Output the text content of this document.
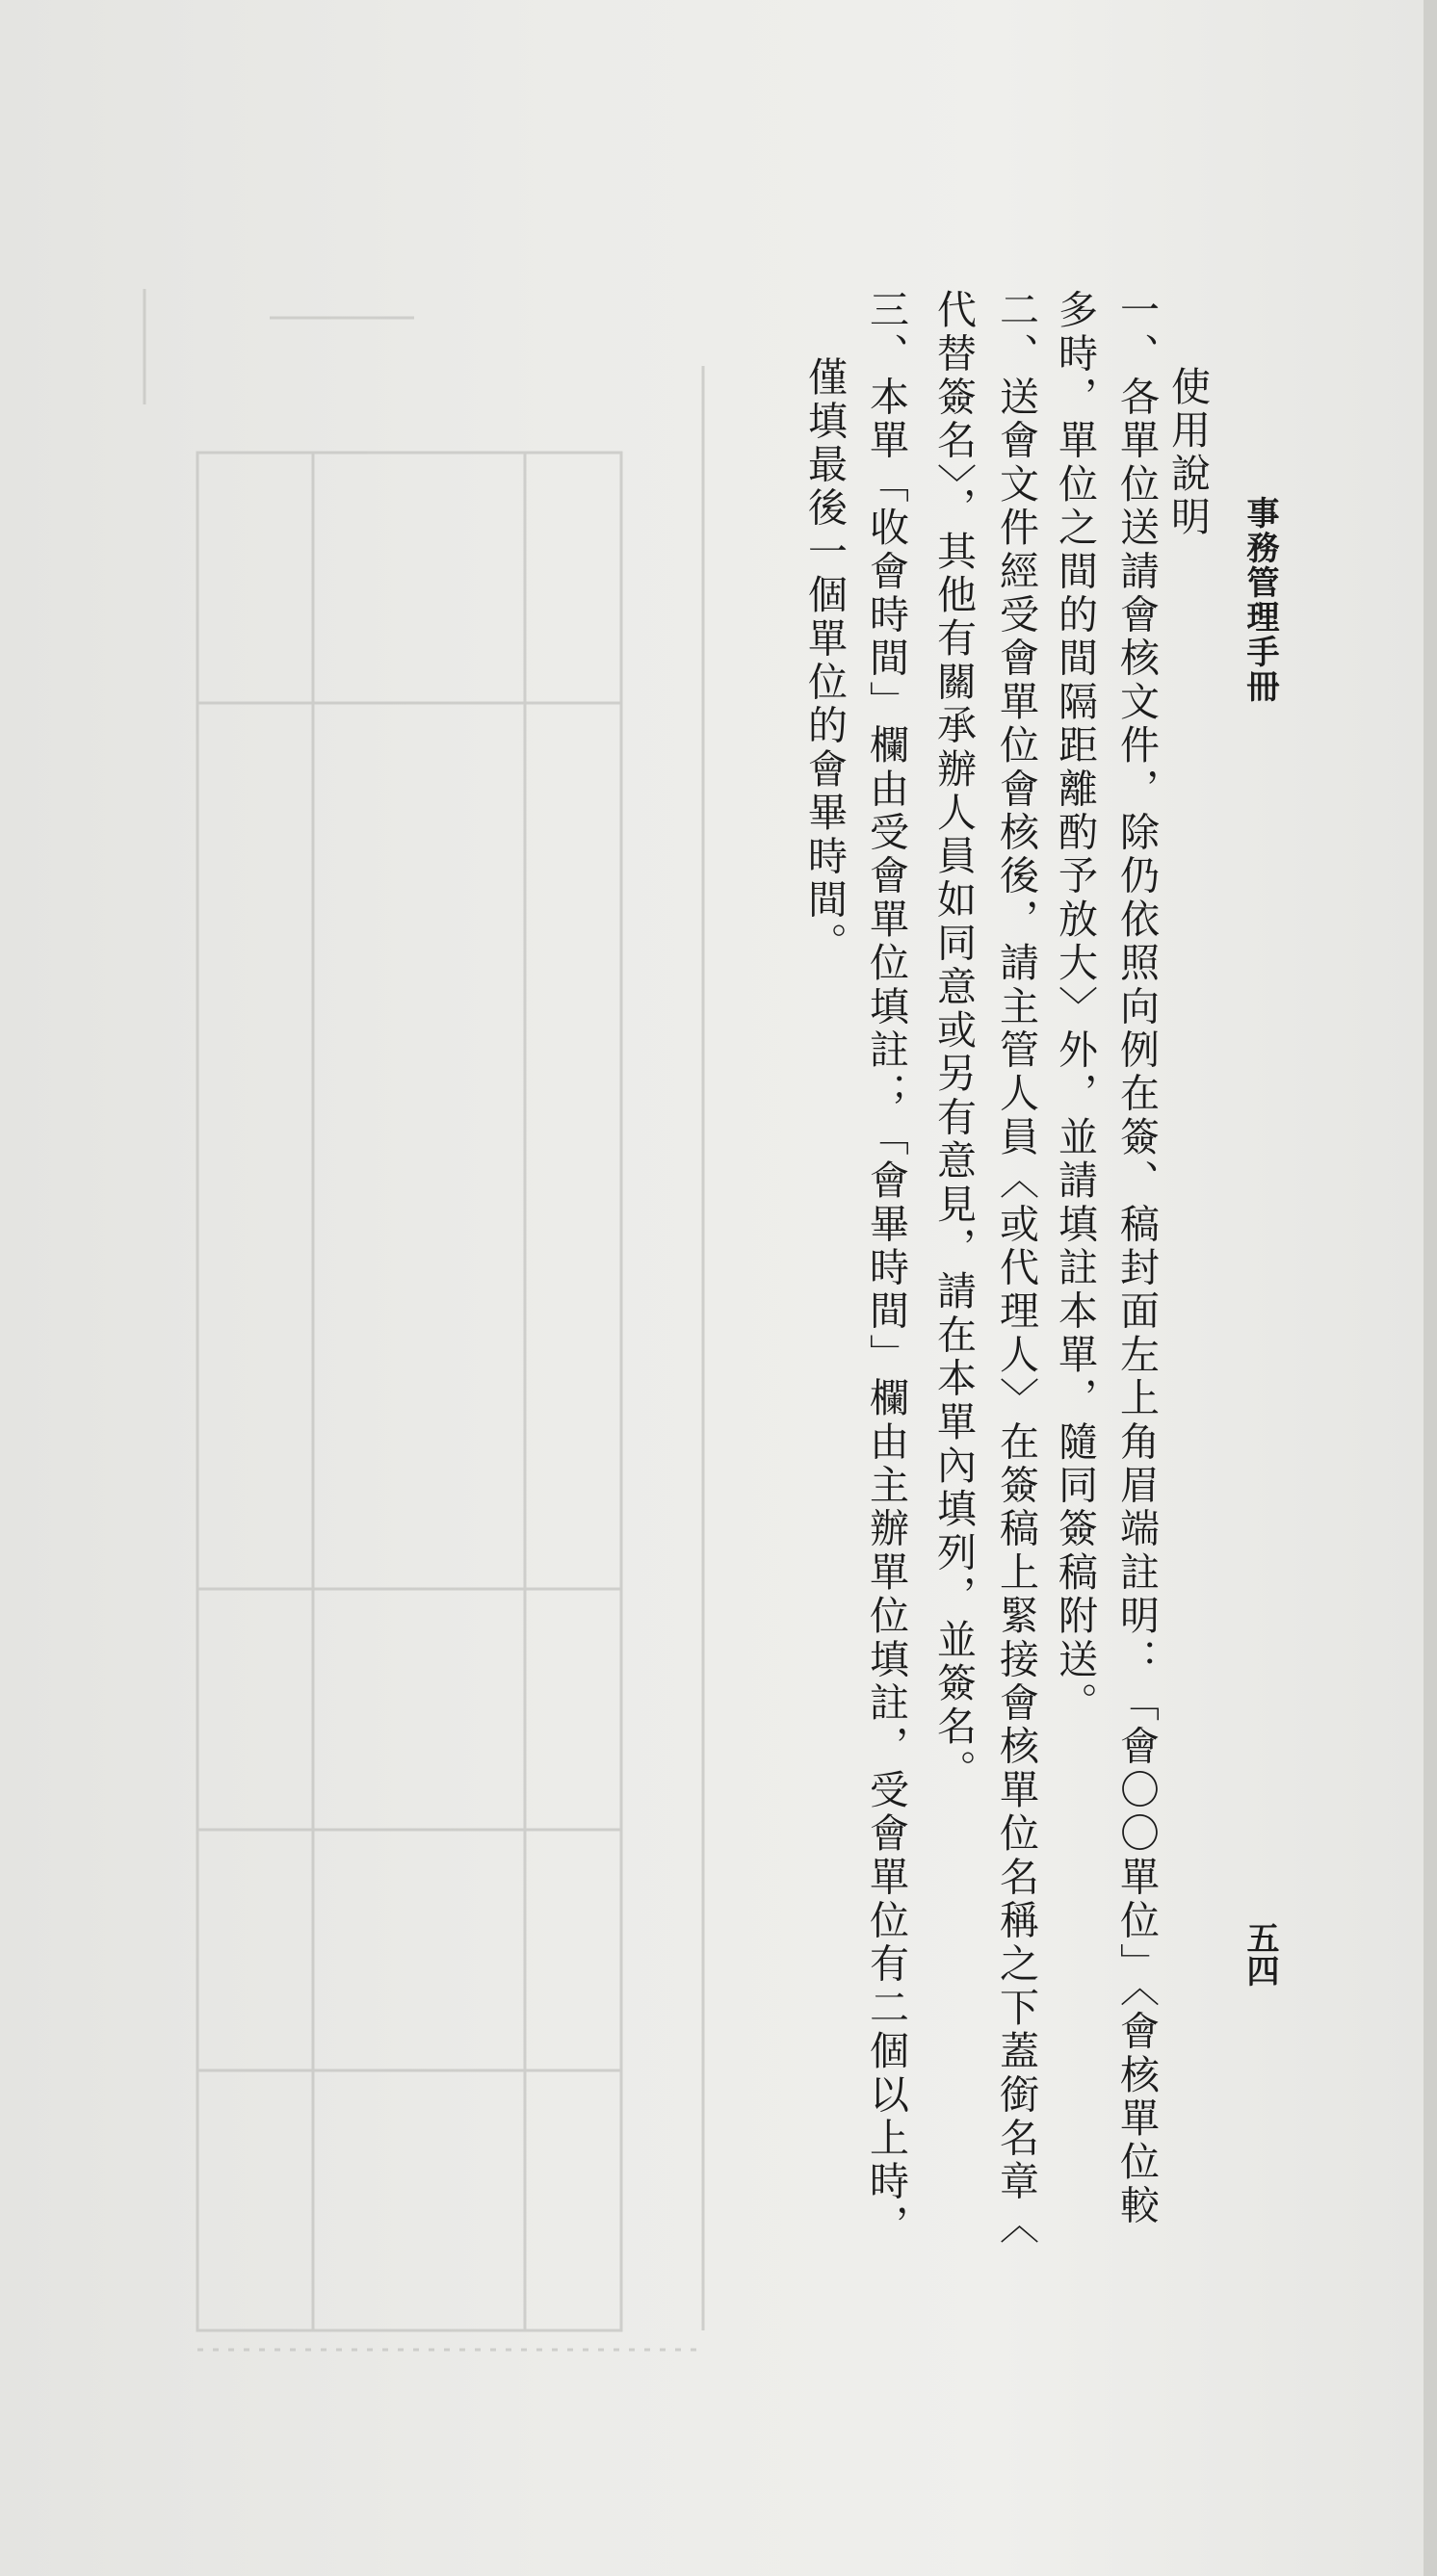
事務管理手冊
五四
使用說明
一、各單位送請會核文件，除仍依照向例在簽、稿封面左上角眉端註明：「會〇〇單位」〈會核單位較
多時，單位之間的間隔距離酌予放大〉外，並請填註本單，隨同簽稿附送。
二、送會文件經受會單位會核後，請主管人員〈或代理人〉在簽稿上緊接會核單位名稱之下蓋銜名章〈
代替簽名〉，其他有關承辦人員如同意或另有意見，請在本單內填列，並簽名。
三、本單「收會時間」欄由受會單位填註；「會畢時間」欄由主辦單位填註，受會單位有二個以上時，
僅填最後一個單位的會畢時間。
